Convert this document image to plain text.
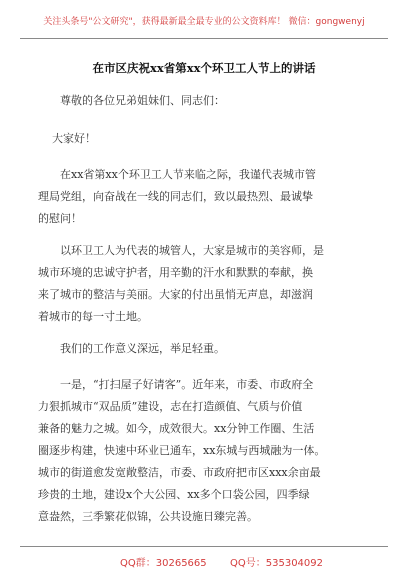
关注头条号"公文研究"，获得最新最全最专业的公文资料库！ 微信：gongwenyj
在市区庆祝xx省第xx个环卫工人节上的讲话
尊敬的各位兄弟姐妹们、同志们：
大家好！
在xx省第xx个环卫工人节来临之际，我谨代表城市管
理局党组，向奋战在一线的同志们，致以最热烈、最诚挚
的慰问！
以环卫工人为代表的城管人，大家是城市的美容师，是
城市环境的忠诚守护者，用辛勤的汗水和默默的奉献，换
来了城市的整洁与美丽。大家的付出虽悄无声息，却滋润
着城市的每一寸土地。
我们的工作意义深远，举足轻重。
一是，“打扫屋子好请客”。近年来，市委、市政府全
力狠抓城市“双品质”建设，志在打造颜值、气质与价值
兼备的魅力之城。如今，成效很大。xx分钟工作圈、生活
圈逐步构建，快速中环业已通车，xx东城与西城融为一体。
城市的街道愈发宽敞整洁，市委、市政府把市区xxx余亩最
珍贵的土地，建设x个大公园、xx多个口袋公园，四季绿
意盎然，三季繁花似锦，公共设施日臻完善。
QQ群：30265665 QQ号：535304092
